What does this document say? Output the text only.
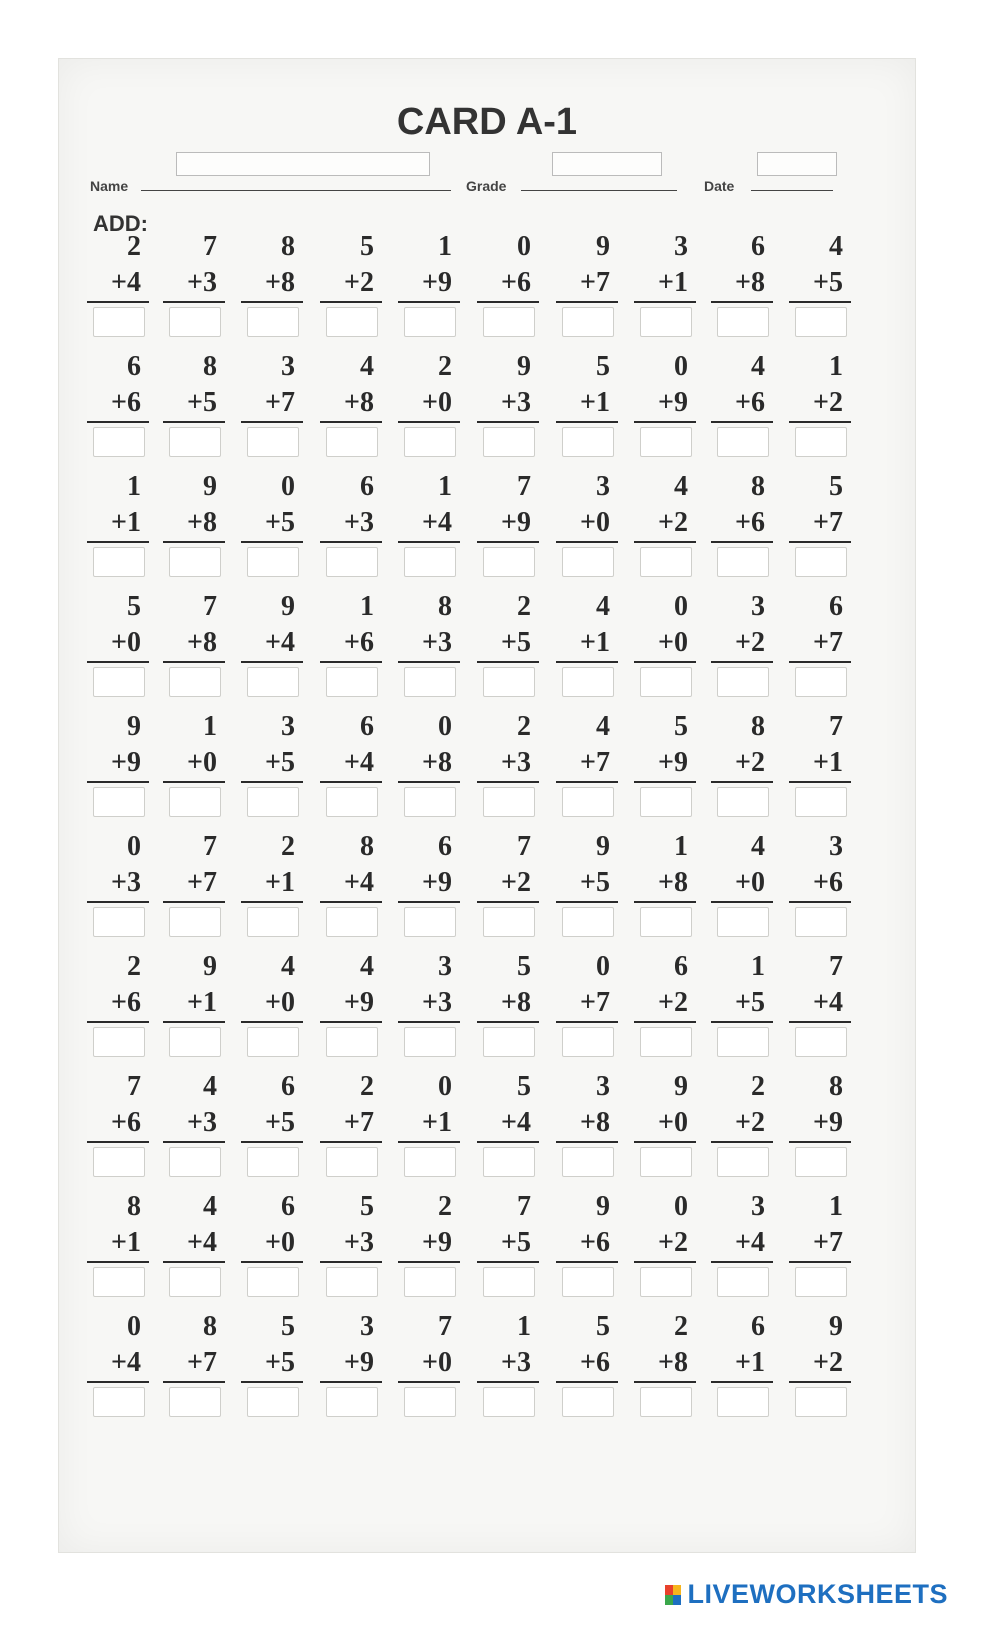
CARD A-1
Name	Grade	Date
ADD:
2
+4
7
+3
8
+8
5
+2
1
+9
0
+6
9
+7
3
+1
6
+8
4
+5
6
+6
8
+5
3
+7
4
+8
2
+0
9
+3
5
+1
0
+9
4
+6
1
+2
1
+1
9
+8
0
+5
6
+3
1
+4
7
+9
3
+0
4
+2
8
+6
5
+7
5
+0
7
+8
9
+4
1
+6
8
+3
2
+5
4
+1
0
+0
3
+2
6
+7
9
+9
1
+0
3
+5
6
+4
0
+8
2
+3
4
+7
5
+9
8
+2
7
+1
0
+3
7
+7
2
+1
8
+4
6
+9
7
+2
9
+5
1
+8
4
+0
3
+6
2
+6
9
+1
4
+0
4
+9
3
+3
5
+8
0
+7
6
+2
1
+5
7
+4
7
+6
4
+3
6
+5
2
+7
0
+1
5
+4
3
+8
9
+0
2
+2
8
+9
8
+1
4
+4
6
+0
5
+3
2
+9
7
+5
9
+6
0
+2
3
+4
1
+7
0
+4
8
+7
5
+5
3
+9
7
+0
1
+3
5
+6
2
+8
6
+1
9
+2
LIVEWORKSHEETS
